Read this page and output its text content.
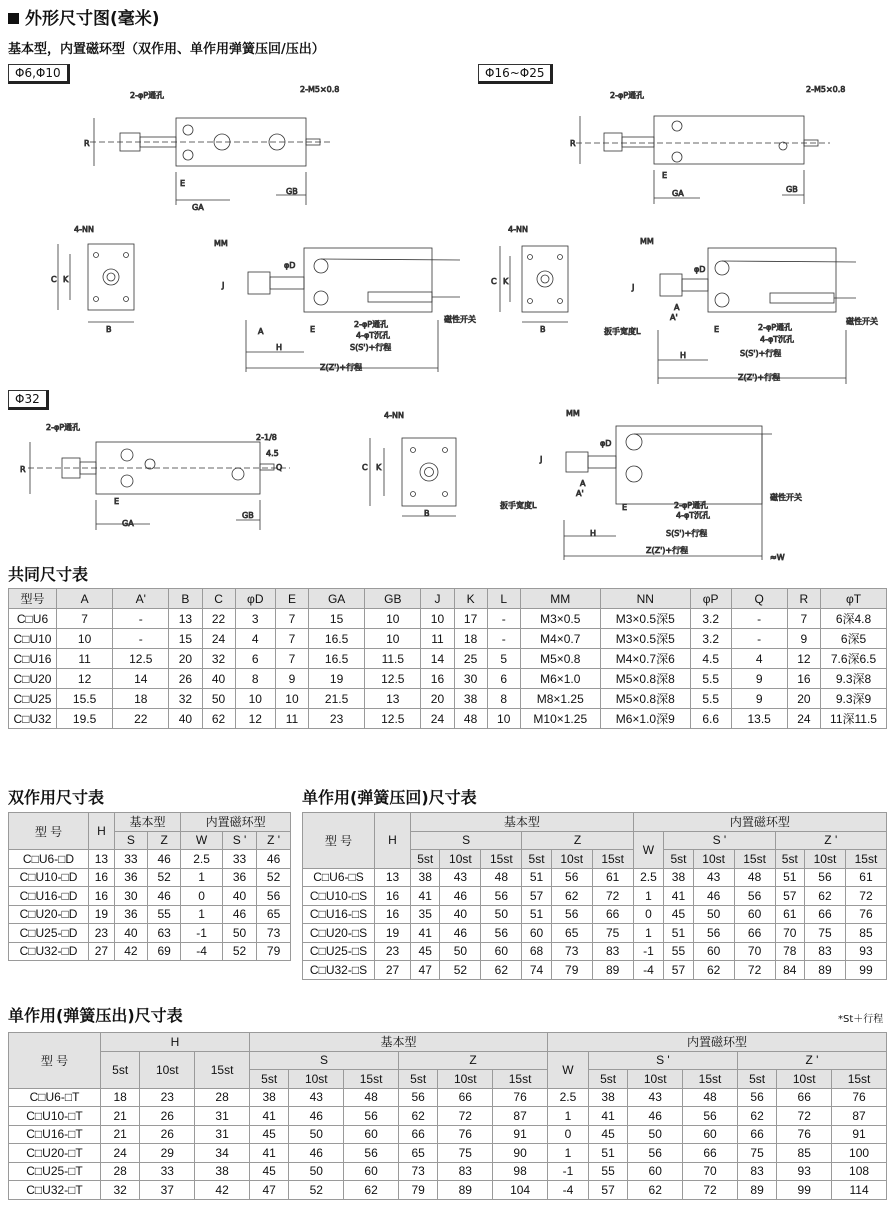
外形尺寸图(毫米)
基本型，内置磁环型（双作用、单作用弹簧压回/压出）
Φ6,Φ10	Φ16~Φ25
Φ32
2-φP通孔
2-M5×0.8
R
E
GA
GB
2-φP通孔
2-M5×0.8
R
E
GA	GB
4-NN
C K
B
MM
φD
J
A	E
H
2-φP通孔
4-φT沉孔
S(S')+行程
Z(Z')+行程
磁性开关
4-NN
C K
B
MM
φD
J
A
A'
扳手宽度L	E
H
2-φP通孔
4-φT沉孔
S(S')+行程
Z(Z')+行程
磁性开关
2-φP通孔
2-1/8
4.5
Q
R
E
GA
GB
4-NN
C K
B
MM
φD
J
A
A'
扳手宽度L	E
H
2-φP通孔
4-φT沉孔
S(S')+行程
Z(Z')+行程
磁性开关
≈W
共同尺寸表
型号	A	A'	B	C	φD	E	GA	GB	J	K	L	MM	NN	φP	Q	R	φT
C□U6	7	-	13	22	3	7	15	10	10	17	-	M3×0.5	M3×0.5深5	3.2	-	7	6深4.8
C□U10	10	-	15	24	4	7	16.5	10	11	18	-	M4×0.7	M3×0.5深5	3.2	-	9	6深5
C□U16	11	12.5	20	32	6	7	16.5	11.5	14	25	5	M5×0.8	M4×0.7深6	4.5	4	12	7.6深6.5
C□U20	12	14	26	40	8	9	19	12.5	16	30	6	M6×1.0	M5×0.8深8	5.5	9	16	9.3深8
C□U25	15.5	18	32	50	10	10	21.5	13	20	38	8	M8×1.25	M5×0.8深8	5.5	9	20	9.3深9
C□U32	19.5	22	40	62	12	11	23	12.5	24	48	10	M10×1.25	M6×1.0深9	6.6	13.5	24	11深11.5
双作用尺寸表
型 号	H	基本型		内置磁环型		
		S	Z	W	S '	Z '
C□U6-□D	13	33	46	2.5	33	46
C□U10-□D	16	36	52	1	36	52
C□U16-□D	16	30	46	0	40	56
C□U20-□D	19	36	55	1	46	65
C□U25-□D	23	40	63	-1	50	73
C□U32-□D	27	42	69	-4	52	79
单作用(弹簧压回)尺寸表
型 号	H	基本型						内置磁环型						
		S			Z			W	S '			Z '		
		5st	10st	15st	5st	10st	15st		5st	10st	15st	5st	10st	15st
C□U6-□S	13	38	43	48	51	56	61	2.5	38	43	48	51	56	61
C□U10-□S	16	41	46	56	57	62	72	1	41	46	56	57	62	72
C□U16-□S	16	35	40	50	51	56	66	0	45	50	60	61	66	76
C□U20-□S	19	41	46	56	60	65	75	1	51	56	66	70	75	85
C□U25-□S	23	45	50	60	68	73	83	-1	55	60	70	78	83	93
C□U32-□S	27	47	52	62	74	79	89	-4	57	62	72	84	89	99
单作用(弹簧压出)尺寸表	*St＋行程
型 号	H			基本型						内置磁环型						
	5st	10st	15st	S			Z			W	S '			Z '		
				5st	10st	15st	5st	10st	15st		5st	10st	15st	5st	10st	15st
C□U6-□T	18	23	28	38	43	48	56	66	76	2.5	38	43	48	56	66	76
C□U10-□T	21	26	31	41	46	56	62	72	87	1	41	46	56	62	72	87
C□U16-□T	21	26	31	45	50	60	66	76	91	0	45	50	60	66	76	91
C□U20-□T	24	29	34	41	46	56	65	75	90	1	51	56	66	75	85	100
C□U25-□T	28	33	38	45	50	60	73	83	98	-1	55	60	70	83	93	108
C□U32-□T	32	37	42	47	52	62	79	89	104	-4	57	62	72	89	99	114
